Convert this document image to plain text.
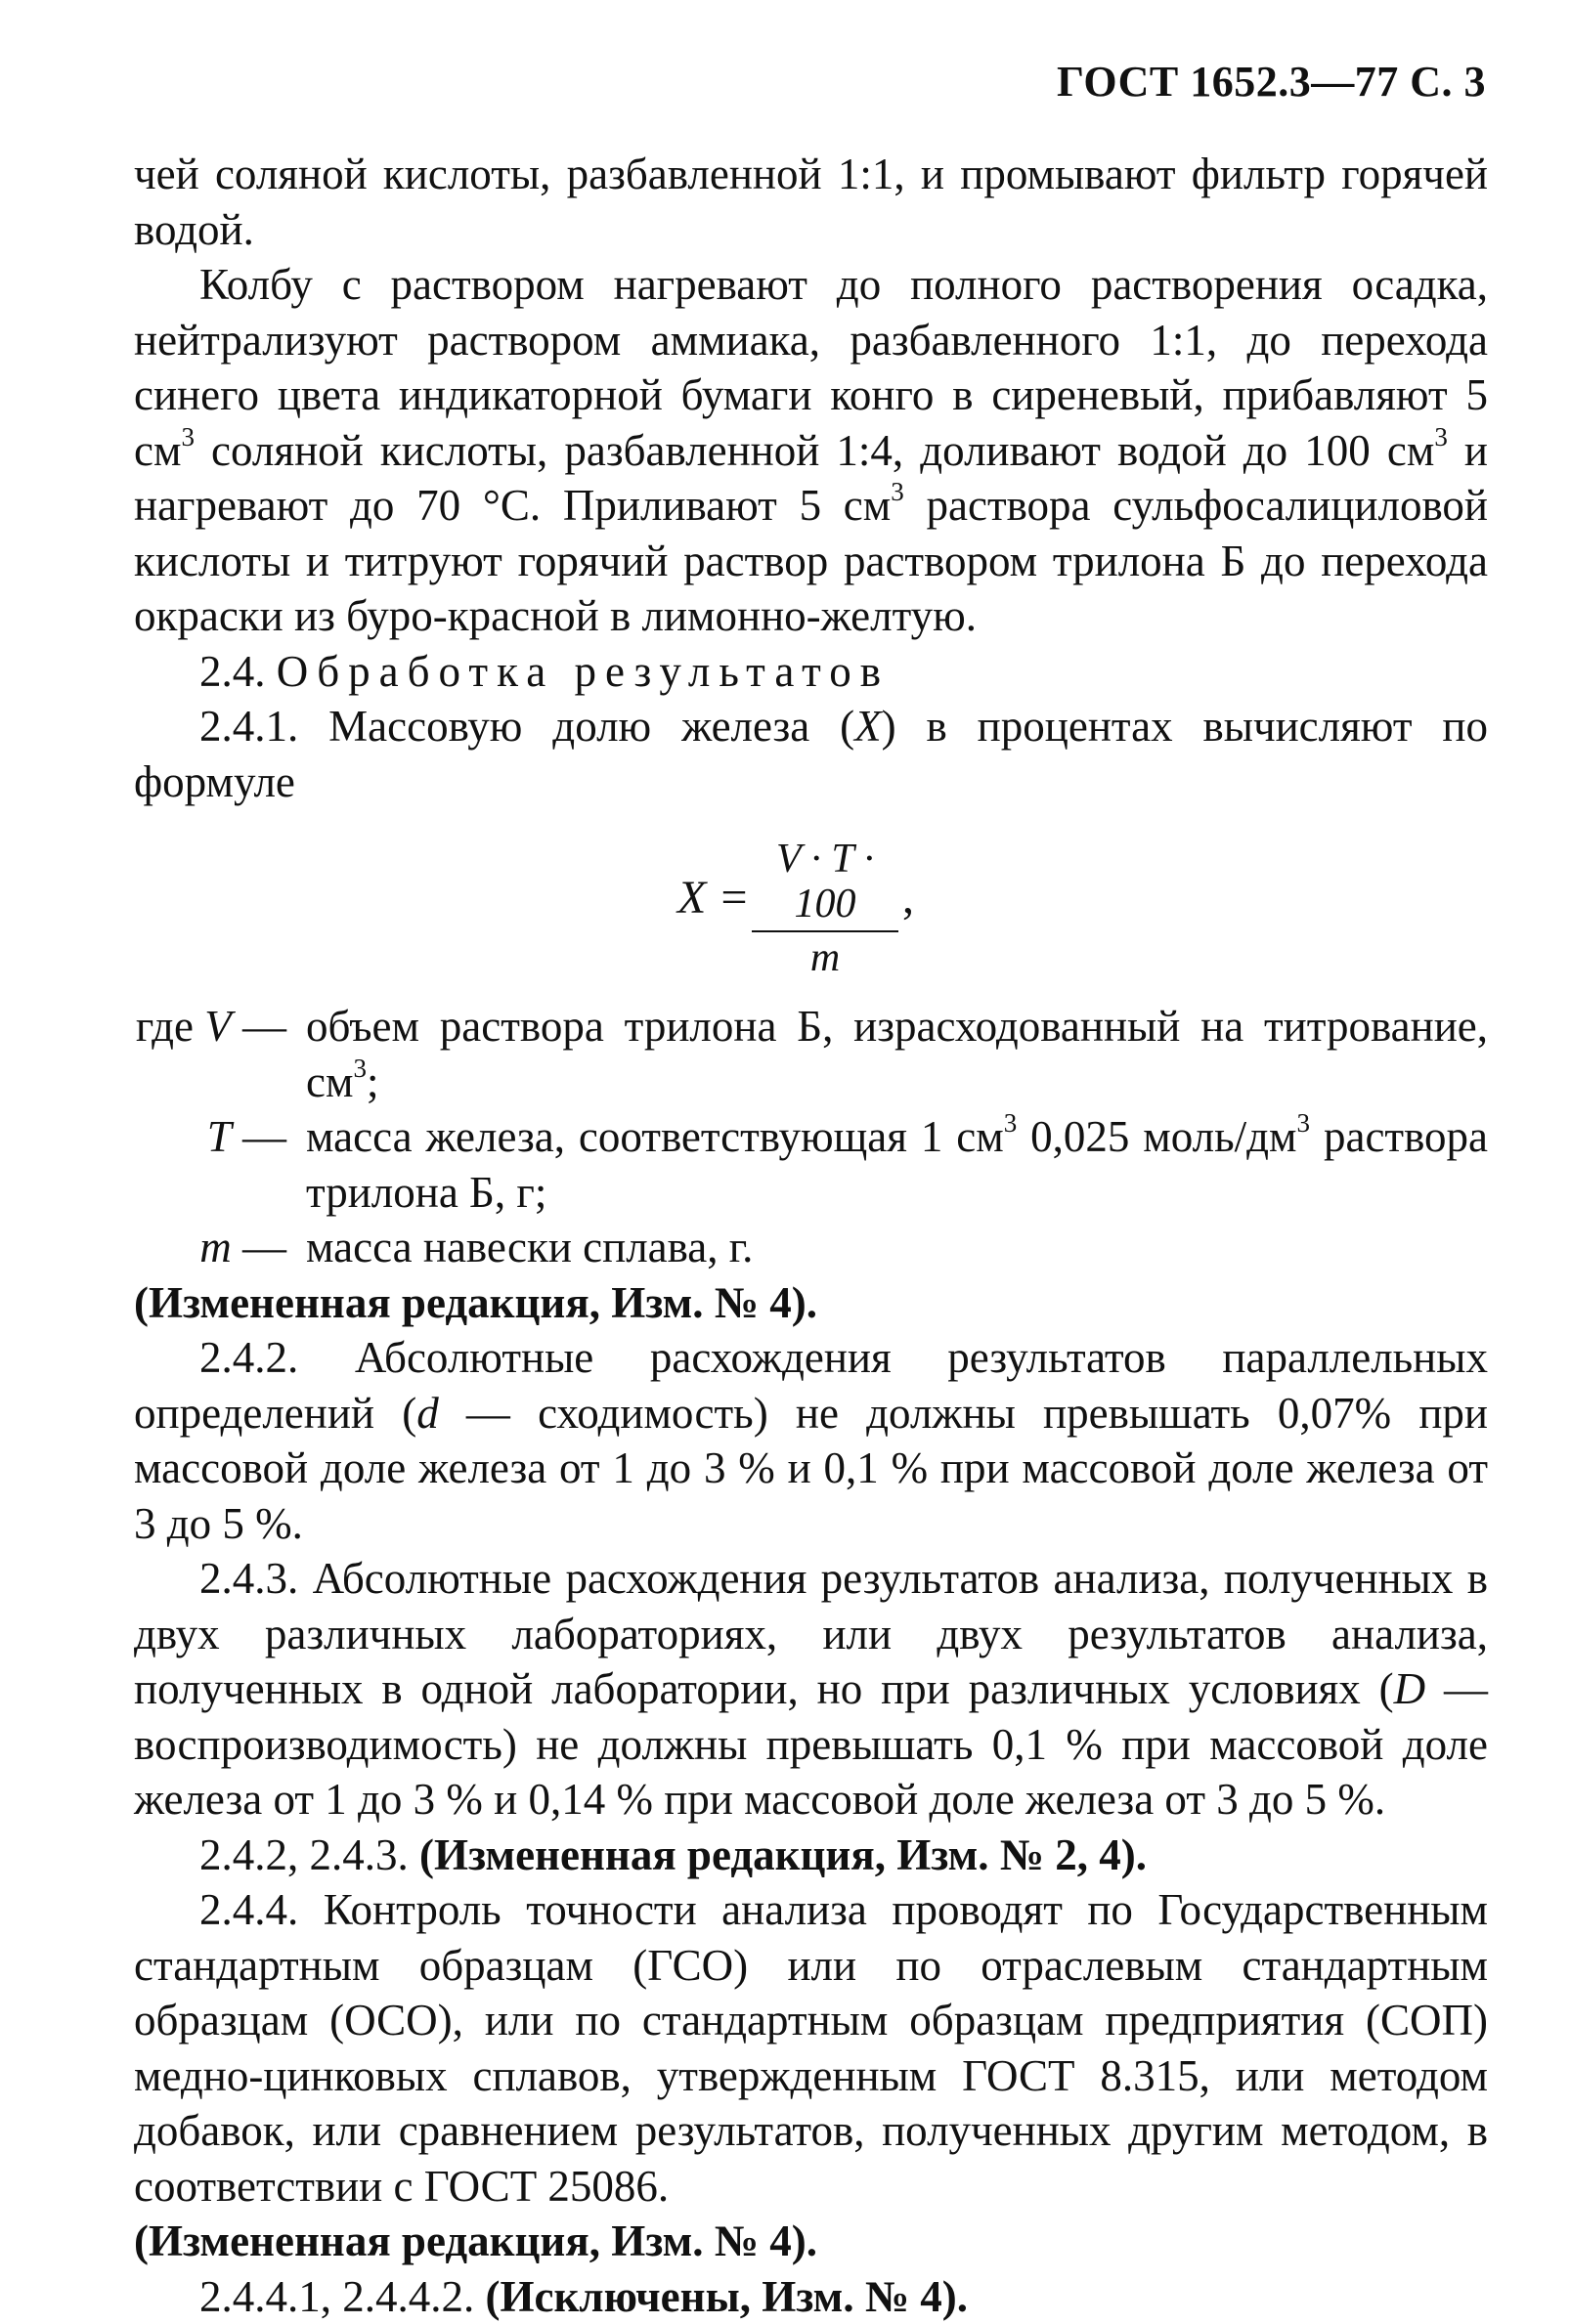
ГОСТ 1652.3—77 С. 3

чей соляной кислоты, разбавленной 1:1, и промывают фильтр горячей водой.

Колбу с раствором нагревают до полного растворения осадка, нейтрализуют раствором аммиака, разбавленного 1:1, до перехода синего цвета индикаторной бумаги конго в сиреневый, прибавляют 5 $см^3$ соляной кислоты, разбавленной 1:4, доливают водой до 100 $см^3$ и нагревают до 70 °С. Приливают 5 $см^3$ раствора сульфосалициловой кислоты и титруют горячий раствор раствором трилона Б до перехода окраски из буро-красной в лимонно-желтую.

2.4. Обработка результатов

2.4.1. Массовую долю железа (X) в процентах вычисляют по формуле

$X = \frac{V \cdot T \cdot 100}{m}$ ,
где V — объем раствора трилона Б, израсходованный на титрование, $см^3$;
T — масса железа, соответствующая 1 $см^3$ 0,025 моль/$дм^3$ раствора трилона Б, г;
m — масса навески сплава, г.

(Измененная редакция, Изм. № 4).

2.4.2. Абсолютные расхождения результатов параллельных определений (d — сходимость) не должны превышать 0,07% при массовой доле железа от 1 до 3 % и 0,1 % при массовой доле железа от 3 до 5 %.

2.4.3. Абсолютные расхождения результатов анализа, полученных в двух различных лабораториях, или двух результатов анализа, полученных в одной лаборатории, но при различных условиях (D — воспроизводимость) не должны превышать 0,1 % при массовой доле железа от 1 до 3 % и 0,14 % при массовой доле железа от 3 до 5 %.

2.4.2, 2.4.3. (Измененная редакция, Изм. № 2, 4).

2.4.4. Контроль точности анализа проводят по Государственным стандартным образцам (ГСО) или по отраслевым стандартным образцам (ОСО), или по стандартным образцам предприятия (СОП) медно-цинковых сплавов, утвержденным ГОСТ 8.315, или методом добавок, или сравнением результатов, полученных другим методом, в соответствии с ГОСТ 25086.

(Измененная редакция, Изм. № 4).

2.4.4.1, 2.4.4.2. (Исключены, Изм. № 4).
